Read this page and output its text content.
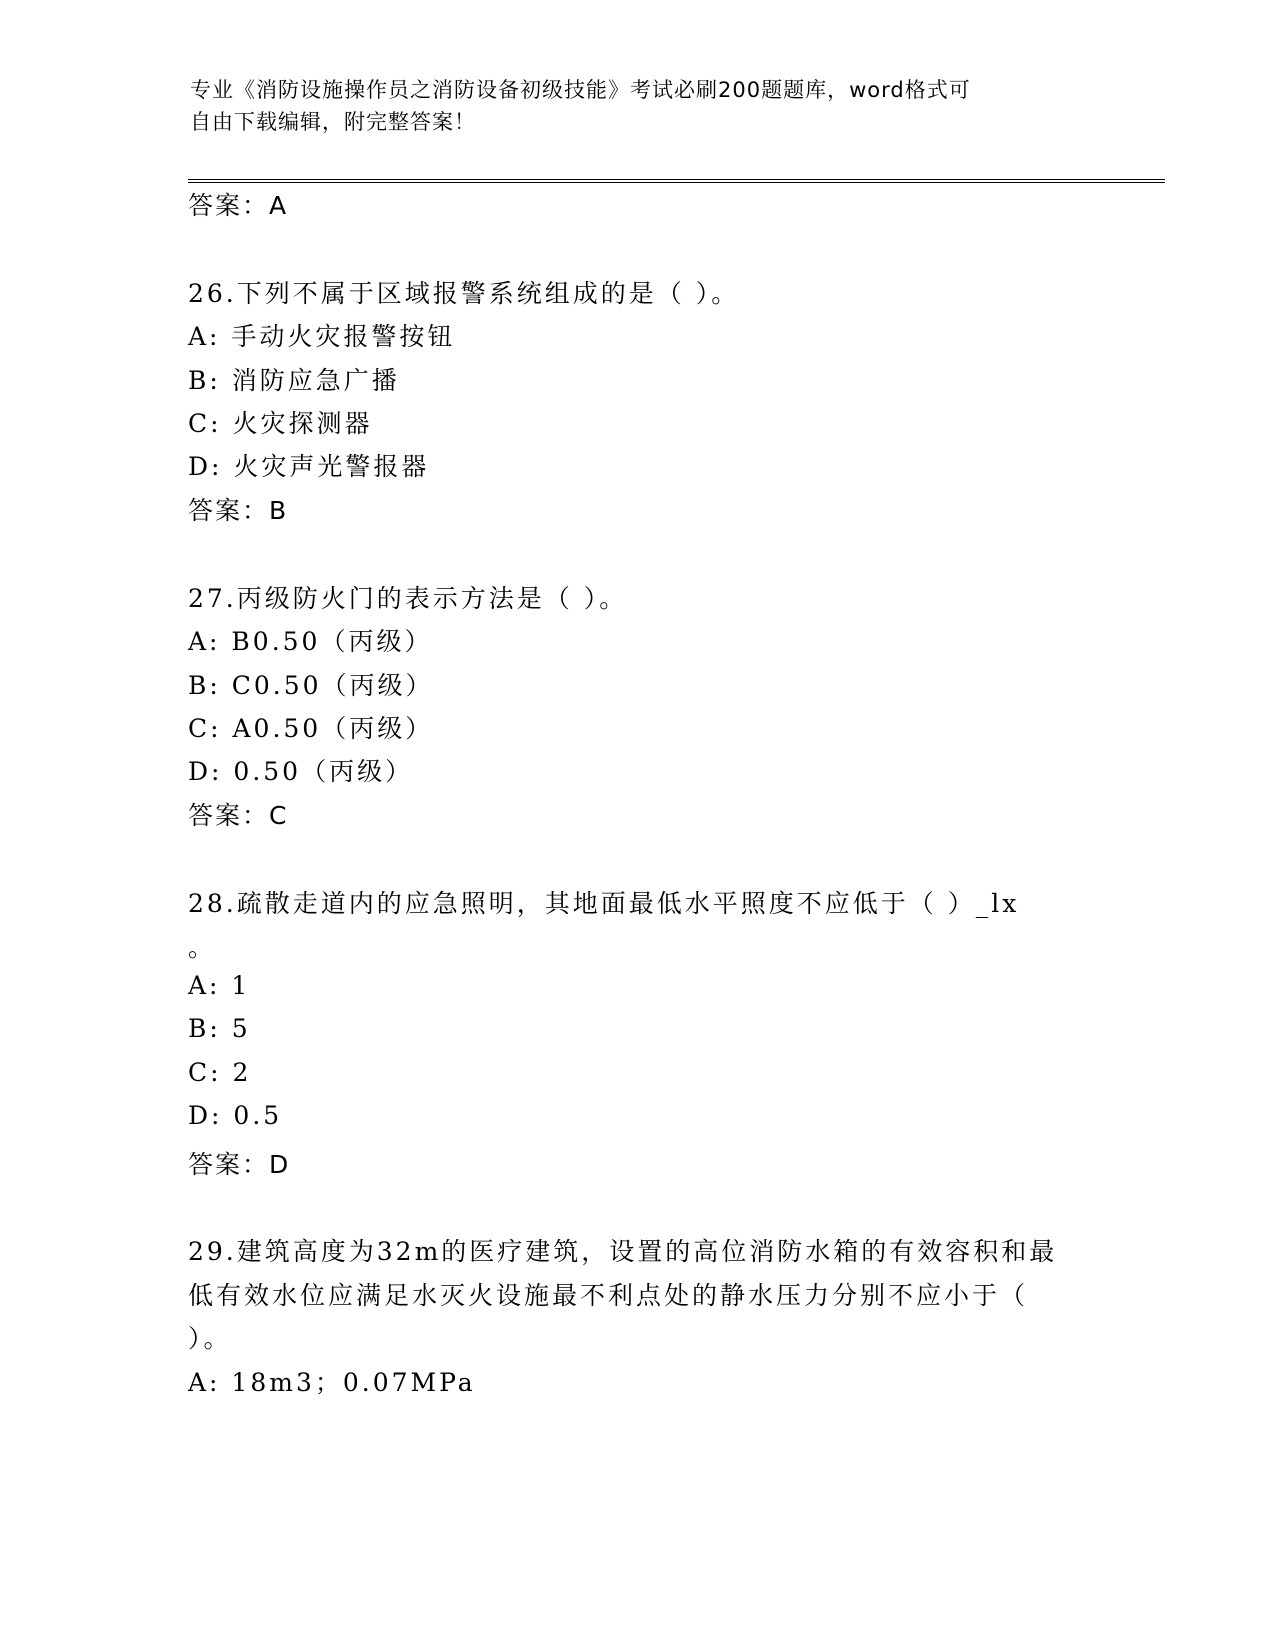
专业《消防设施操作员之消防设备初级技能》考试必刷200题题库，word格式可
自由下载编辑，附完整答案！
答案：A
26.下列不属于区域报警系统组成的是（ ）。
A: 手动火灾报警按钮
B: 消防应急广播
C: 火灾探测器
D: 火灾声光警报器
答案：B
27.丙级防火门的表示方法是（ ）。
A: B0.50（丙级）
B: C0.50（丙级）
C: A0.50（丙级）
D: 0.50（丙级）
答案：C
28.疏散走道内的应急照明，其地面最低水平照度不应低于（ ）_lx
。
A: 1
B: 5
C: 2
D: 0.5
答案：D
29.建筑高度为32m的医疗建筑，设置的高位消防水箱的有效容积和最
低有效水位应满足水灭火设施最不利点处的静水压力分别不应小于（
）。
A: 18m3；0.07MPa
